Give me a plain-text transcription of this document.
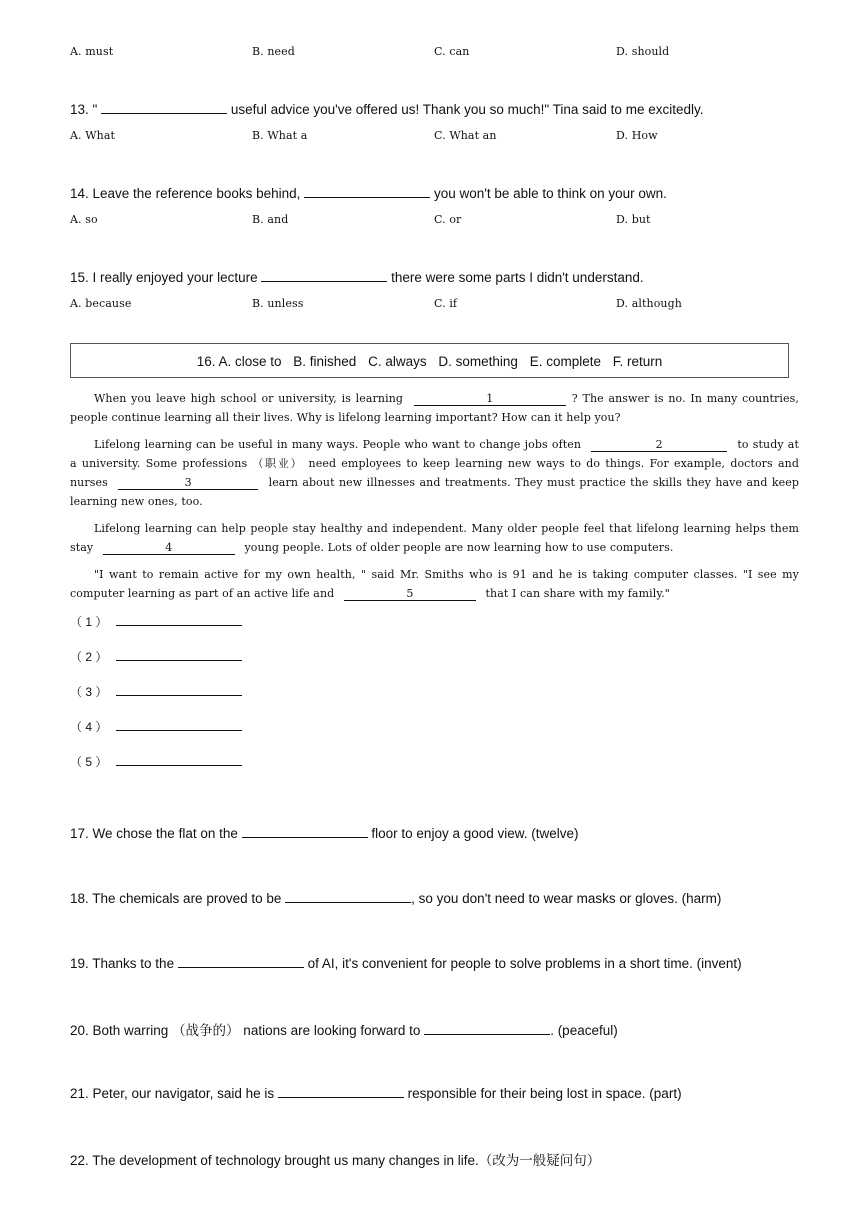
A. must	B. need	C. can	D. should
13. "	useful advice you've offered us! Thank you so much!" Tina said to me excitedly.
A. What	B. What a	C. What an	D. How
14. Leave the reference books behind,	you won't be able to think on your own.
A. so	B. and	C. or	D. but
15. I really enjoyed your lecture	there were some parts I didn't understand.
A. because	B. unless	C. if	D. although
16. A. close to B. finished C. always D. something E. complete F. return
When you leave high school or university, is learning	1	? The answer is no. In many countries, people continue learning all their lives. Why is lifelong learning important? How can it help you?
Lifelong learning can be useful in many ways. People who want to change jobs often	2	to study at a university. Some professions （职业） need employees to keep learning new ways to do things. For example, doctors and nurses	3	learn about new illnesses and treatments. They must practice the skills they have and keep learning new ones, too.
Lifelong learning can help people stay healthy and independent. Many older people feel that lifelong learning helps them stay	4	young people. Lots of older people are now learning how to use computers.
"I want to remain active for my own health, " said Mr. Smiths who is 91 and he is taking computer classes. "I see my computer learning as part of an active life and	5	that I can share with my family."
（ 1 ）
（ 2 ）
（ 3 ）
（ 4 ）
（ 5 ）
17. We chose the flat on the	floor to enjoy a good view. (twelve)
18. The chemicals are proved to be	, so you don't need to wear masks or gloves. (harm)
19. Thanks to the	of AI, it's convenient for people to solve problems in a short time. (invent)
20. Both warring （战争的） nations are looking forward to	. (peaceful)
21. Peter, our navigator, said he is	responsible for their being lost in space. (part)
22. The development of technology brought us many changes in life.（改为一般疑问句）
